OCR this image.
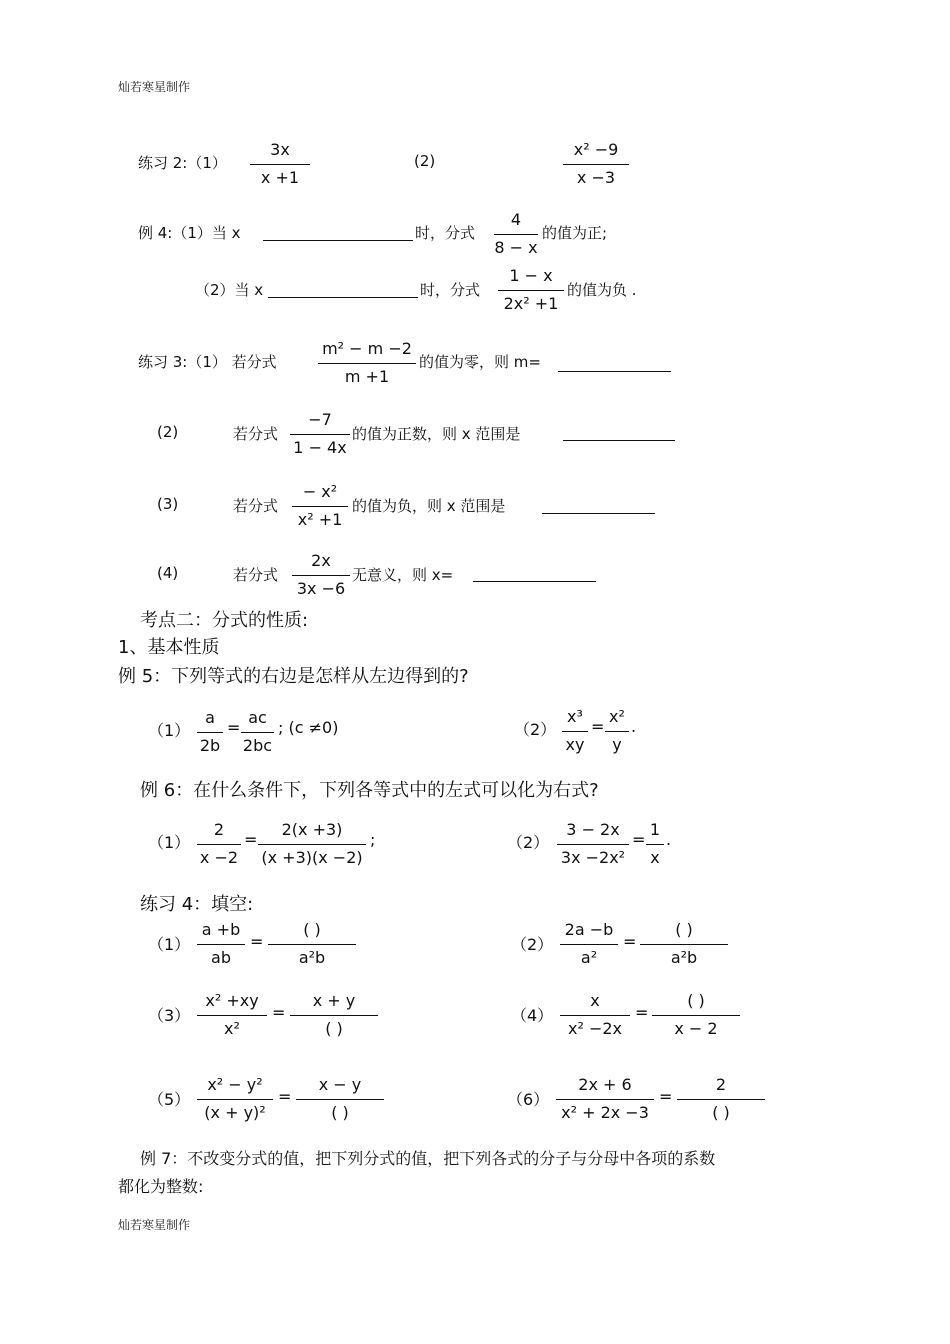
灿若寒星制作
灿若寒星制作
练习 2:（1）
3x
x +1
(2)
x² −9
x −3
例 4:（1）当 x	时，分式
4
8 − x
的值为正;
（2）当 x	时，分式
1 − x
2x² +1
的值为负 .
练习 3:（1） 若分式
m² − m −2
m +1
的值为零，则 m=
(2)	若分式
−7
1 − 4x
的值为正数，则 x 范围是
(3)	若分式
− x²
x² +1
的值为负，则 x 范围是
(4)	若分式
2x
3x −6
无意义，则 x=
考点二：分式的性质:
1、基本性质
例 5：下列等式的右边是怎样从左边得到的?
（1）
a
2b
=
ac
2bc
; (c ≠0)	（2）
x³
xy
=
x²
y
.
例 6：在什么条件下，下列各等式中的左式可以化为右式?
（1）
2
x −2
=
2(x +3)
(x +3)(x −2)
;	（2）
3 − 2x
3x −2x²
=
1
x
.
练习 4：填空:
（1）
a +b
ab
=
( )
a²b
（2）
2a −b
a²
=
( )
a²b
（3）
x² +xy
x²
=
x + y
( )
（4）
x
x² −2x
=
( )
x − 2
（5）
x² − y²
(x + y)²
=
x − y
( )
（6）
2x + 6
x² + 2x −3
=
2
( )
例 7：不改变分式的值，把下列分式的值，把下列各式的分子与分母中各项的系数
都化为整数:
